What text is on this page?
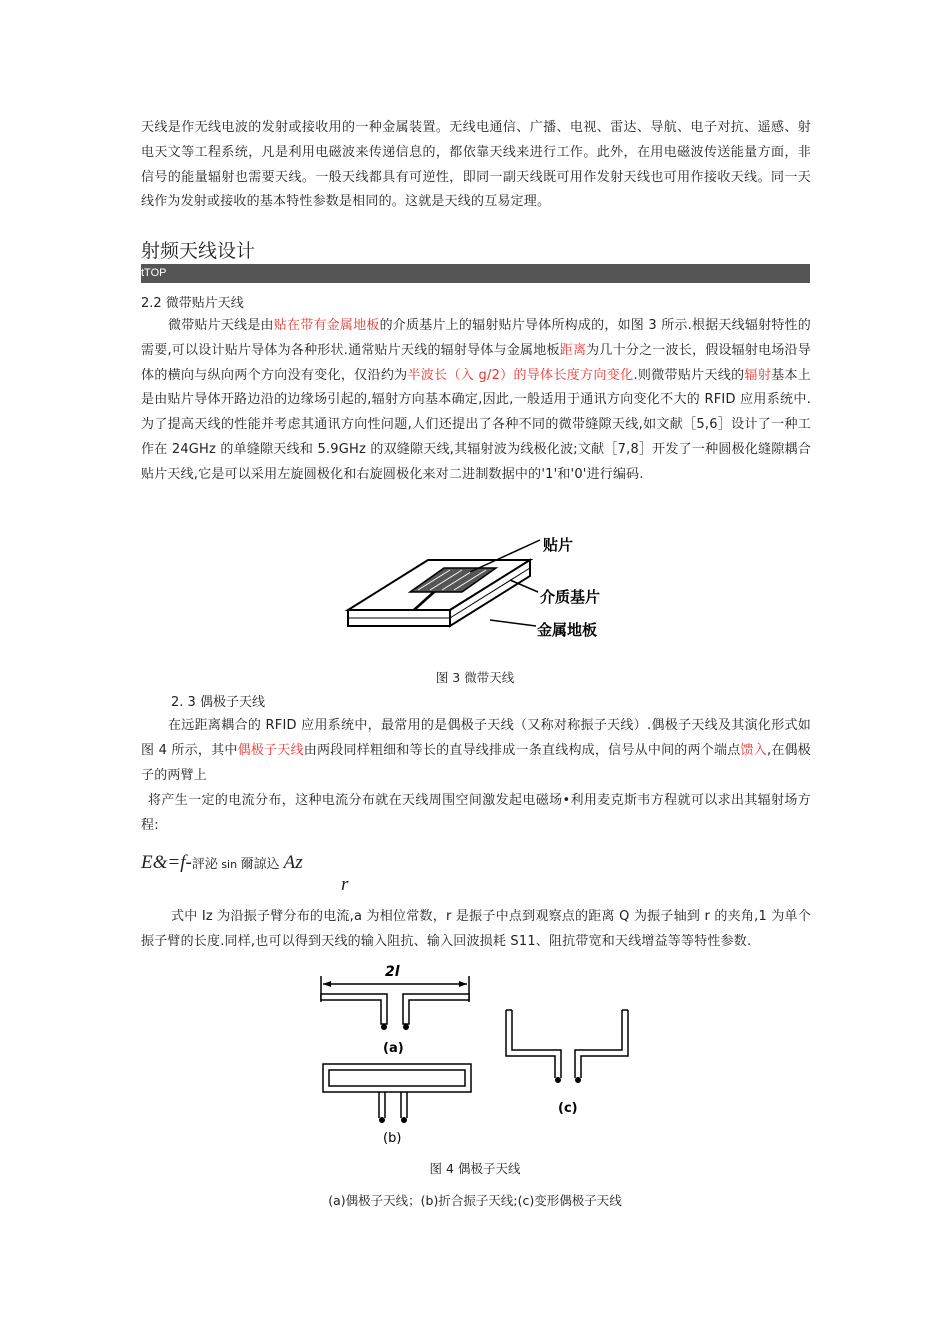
天线是作无线电波的发射或接收用的一种金属装置。无线电通信、广播、电视、雷达、导航、电子对抗、遥感、射电天文等工程系统，凡是利用电磁波来传递信息的，都依靠天线来进行工作。此外，在用电磁波传送能量方面，非信号的能量辐射也需要天线。一般天线都具有可逆性，即同一副天线既可用作发射天线也可用作接收天线。同一天线作为发射或接收的基本特性参数是相同的。这就是天线的互易定理。
射频天线设计
tTOP
2.2 微带贴片天线
微带贴片天线是由贴在带有金属地板的介质基片上的辐射贴片导体所构成的，如图 3 所示.根据天线辐射特性的需要,可以设计贴片导体为各种形状.通常贴片天线的辐射导体与金属地板距离为几十分之一波长，假设辐射电场沿导体的横向与纵向两个方向没有变化，仅沿约为半波长（入 g/2）的导体长度方向变化.则微带贴片天线的辐射基本上是由贴片导体开路边沿的边缘场引起的,辐射方向基本确定,因此,一般适用于通讯方向变化不大的 RFID 应用系统中.为了提高天线的性能并考虑其通讯方向性问题,人们还提出了各种不同的微带缝隙天线,如文献［5,6］设计了一种工作在 24GHz 的单缝隙天线和 5.9GHz 的双缝隙天线,其辐射波为线极化波;文献［7,8］开发了一种圆极化缝隙耦合贴片天线,它是可以采用左旋圆极化和右旋圆极化来对二进制数据中的'1'和'0'进行编码.
贴片
介质基片
金属地板
图 3 微带天线
2. 3 偶极子天线
在远距离耦合的 RFID 应用系统中，最常用的是偶极子天线（又称对称振子天线）.偶极子天线及其演化形式如图 4 所示，其中偶极子天线由两段同样粗细和等长的直导线排成一条直线构成，信号从中间的两个端点馈入,在偶极子的两臂上
将产生一定的电流分布，这种电流分布就在天线周围空间激发起电磁场•利用麦克斯韦方程就可以求出其辐射场方程:
E&=f-評泌 sin 爾諒込 Az
r
式中 Iz 为沿振子臂分布的电流,a 为相位常数，r 是振子中点到观察点的距离 Q 为振子轴到 r 的夹角,1 为单个振子臂的长度.同样,也可以得到天线的输入阻抗、输入回波损耗 S11、阻抗带宽和天线增益等等特性参数.
2l
(a)
(b)
(c)
图 4 偶极子天线
(a)偶极子天线；(b)折合振子天线;(c)变形偶极子天线
